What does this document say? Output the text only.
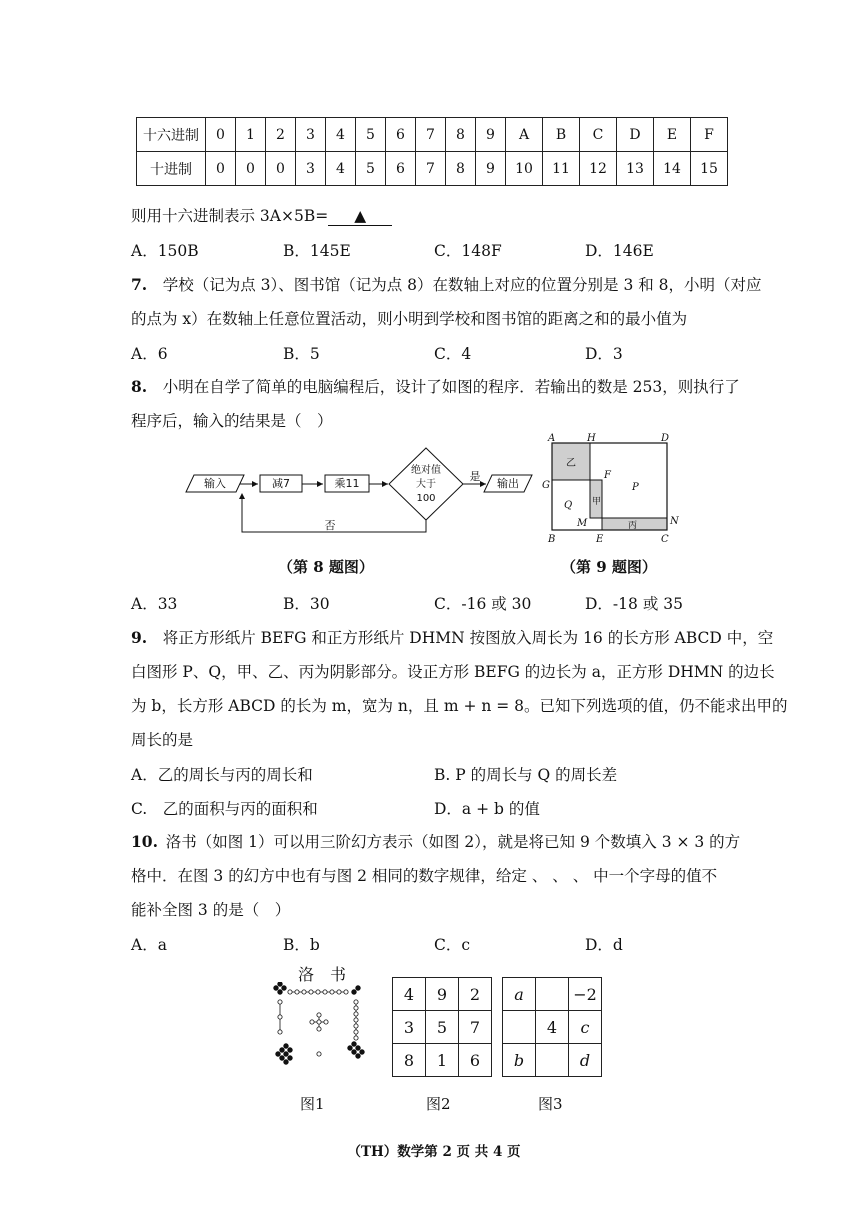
十六进制	0	1	2	3	4	5	6	7	8	9	A	B	C	D	E	F
十进制	0	0	0	3	4	5	6	7	8	9	10	11	12	13	14	15
则用十六进制表示 3A×5B= ▲
A．150B	B．145E	C．148F	D．146E
7.  学校（记为点 3）、图书馆（记为点 8）在数轴上对应的位置分别是 3 和 8，小明（对应
的点为 x）在数轴上任意位置活动，则小明到学校和图书馆的距离之和的最小值为
A．6	B．5	C．4	D．3
8.  小明在自学了简单的电脑编程后，设计了如图的程序．若输出的数是 253，则执行了
程序后，输入的结果是（　）
输入	减7	乘11
绝对值
大于
100
是
输出
否
A	H	D
G
F
M	N
B	E	C
乙
甲
丙
P
Q
（第 8 题图）	（第 9 题图）
A．33	B．30	C．-16 或 30	D．-18 或 35
9.  将正方形纸片 BEFG 和正方形纸片 DHMN 按图放入周长为 16 的长方形 ABCD 中，空
白图形 P、Q，甲、乙、丙为阴影部分。设正方形 BEFG 的边长为 a，正方形 DHMN 的边长
为 b，长方形 ABCD 的长为 m，宽为 n，且 m + n = 8。已知下列选项的值，仍不能求出甲的
周长的是
A．乙的周长与丙的周长和	B. P 的周长与 Q 的周长差
C.　乙的面积与丙的面积和	D．a + b 的值
10.  洛书（如图 1）可以用三阶幻方表示（如图 2），就是将已知 9 个数填入 3 × 3 的方
格中．在图 3 的幻方中也有与图 2 相同的数字规律，给定 、 、 、 中一个字母的值不
能补全图 3 的是（　）
A．a	B．b	C．c	D．d
洛　书
4	9	2
3	5	7
8	1	6
a		−2
	4	c
b		d
图1	图2	图3
（TH）数学第 2 页 共 4 页
